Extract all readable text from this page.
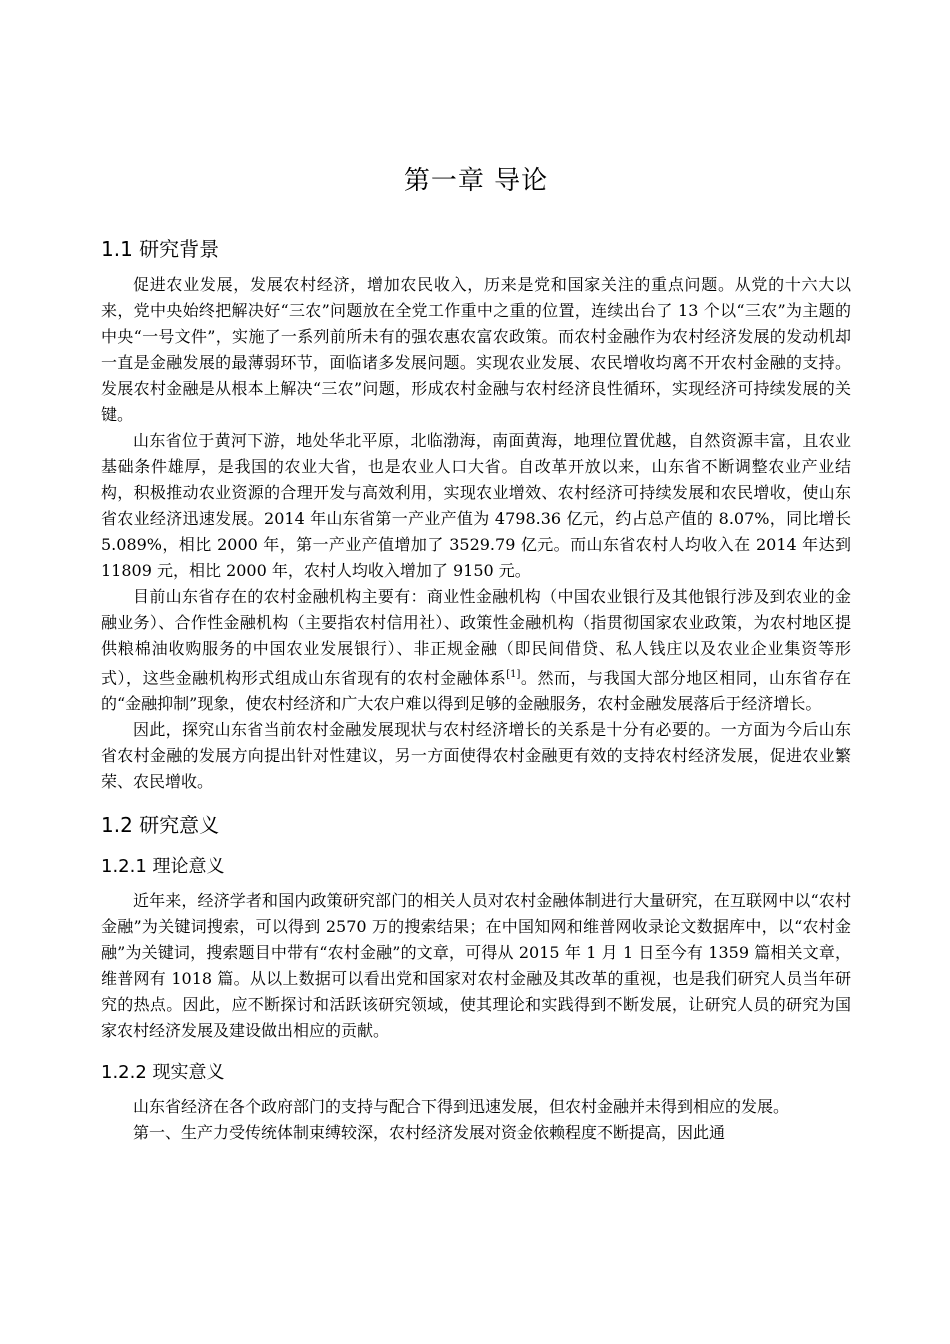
第一章 导论
1.1 研究背景

促进农业发展，发展农村经济，增加农民收入，历来是党和国家关注的重点问题。从党的十六大以来，党中央始终把解决好“三农”问题放在全党工作重中之重的位置，连续出台了 13 个以“三农”为主题的中央“一号文件”，实施了一系列前所未有的强农惠农富农政策。而农村金融作为农村经济发展的发动机却一直是金融发展的最薄弱环节，面临诸多发展问题。实现农业发展、农民增收均离不开农村金融的支持。发展农村金融是从根本上解决“三农”问题，形成农村金融与农村经济良性循环，实现经济可持续发展的关键。

山东省位于黄河下游，地处华北平原，北临渤海，南面黄海，地理位置优越，自然资源丰富，且农业基础条件雄厚，是我国的农业大省，也是农业人口大省。自改革开放以来，山东省不断调整农业产业结构，积极推动农业资源的合理开发与高效利用，实现农业增效、农村经济可持续发展和农民增收，使山东省农业经济迅速发展。2014 年山东省第一产业产值为 4798.36 亿元，约占总产值的 8.07%，同比增长 5.089%，相比 2000 年，第一产业产值增加了 3529.79 亿元。而山东省农村人均收入在 2014 年达到 11809 元，相比 2000 年，农村人均收入增加了 9150 元。

目前山东省存在的农村金融机构主要有：商业性金融机构（中国农业银行及其他银行涉及到农业的金融业务）、合作性金融机构（主要指农村信用社）、政策性金融机构（指贯彻国家农业政策，为农村地区提供粮棉油收购服务的中国农业发展银行）、非正规金融（即民间借贷、私人钱庄以及农业企业集资等形式），这些金融机构形式组成山东省现有的农村金融体系[1]。然而，与我国大部分地区相同，山东省存在的“金融抑制”现象，使农村经济和广大农户难以得到足够的金融服务，农村金融发展落后于经济增长。

因此，探究山东省当前农村金融发展现状与农村经济增长的关系是十分有必要的。一方面为今后山东省农村金融的发展方向提出针对性建议，另一方面使得农村金融更有效的支持农村经济发展，促进农业繁荣、农民增收。

1.2 研究意义
1.2.1 理论意义

近年来，经济学者和国内政策研究部门的相关人员对农村金融体制进行大量研究，在互联网中以“农村金融”为关键词搜索，可以得到 2570 万的搜索结果；在中国知网和维普网收录论文数据库中，以“农村金融”为关键词，搜索题目中带有“农村金融”的文章，可得从 2015 年 1 月 1 日至今有 1359 篇相关文章，维普网有 1018 篇。从以上数据可以看出党和国家对农村金融及其改革的重视，也是我们研究人员当年研究的热点。因此，应不断探讨和活跃该研究领域，使其理论和实践得到不断发展，让研究人员的研究为国家农村经济发展及建设做出相应的贡献。

1.2.2 现实意义

山东省经济在各个政府部门的支持与配合下得到迅速发展，但农村金融并未得到相应的发展。

第一、生产力受传统体制束缚较深，农村经济发展对资金依赖程度不断提高，因此通
